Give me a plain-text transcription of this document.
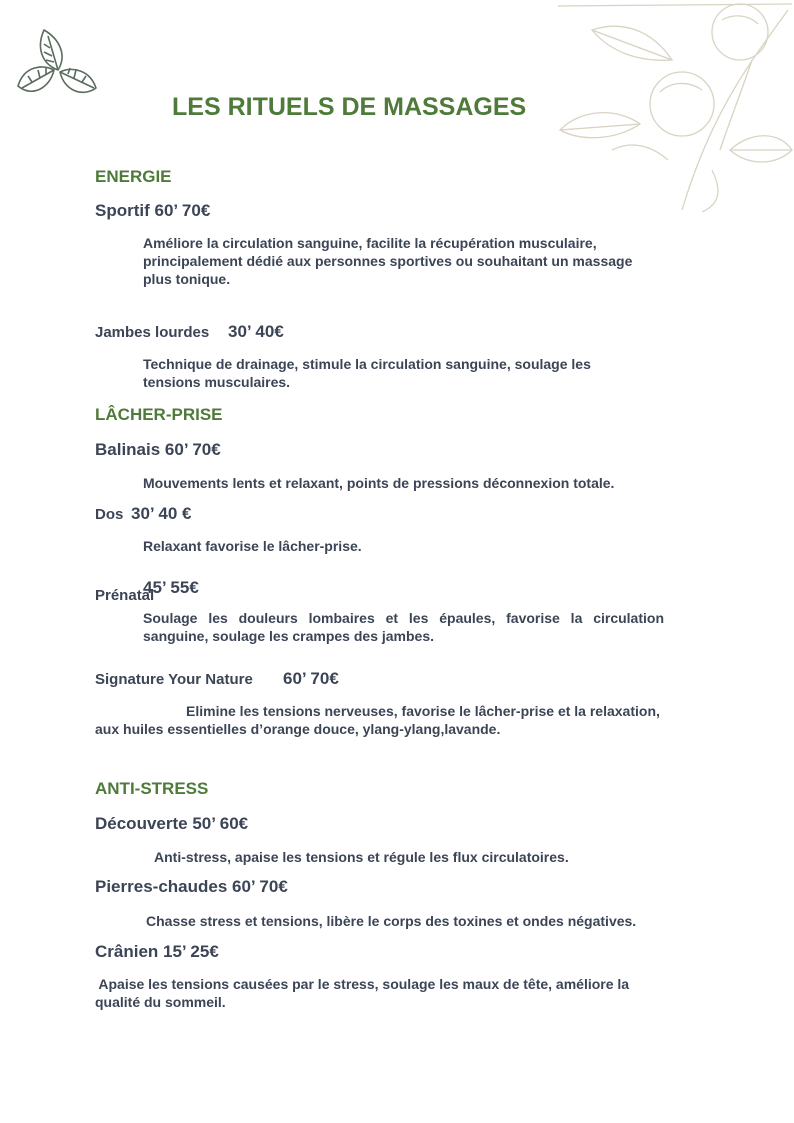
LES RITUELS DE MASSAGES
ENERGIE
Sportif 60’ 70€
Améliore la circulation sanguine, facilite la récupération musculaire,
principalement dédié aux personnes sportives ou souhaitant un massage
plus tonique.
Jambes lourdes 30’ 40€
Technique de drainage, stimule la circulation sanguine, soulage les
tensions musculaires.
LÂCHER-PRISE
Balinais 60’ 70€
Mouvements lents et relaxant, points de pressions déconnexion totale.
Dos 30’ 40 €
Relaxant favorise le lâcher-prise.
45’ 55€
Prénatal
Soulage les douleurs lombaires et les épaules, favorise la circulation
sanguine, soulage les crampes des jambes.
Signature Your Nature 60’ 70€
Elimine les tensions nerveuses, favorise le lâcher-prise et la relaxation,
aux huiles essentielles d’orange douce, ylang-ylang,lavande.
ANTI-STRESS
Découverte 50’ 60€
Anti-stress, apaise les tensions et régule les flux circulatoires.
Pierres-chaudes 60’ 70€
Chasse stress et tensions, libère le corps des toxines et ondes négatives.
Crânien 15’ 25€
Apaise les tensions causées par le stress, soulage les maux de tête, améliore la
qualité du sommeil.
